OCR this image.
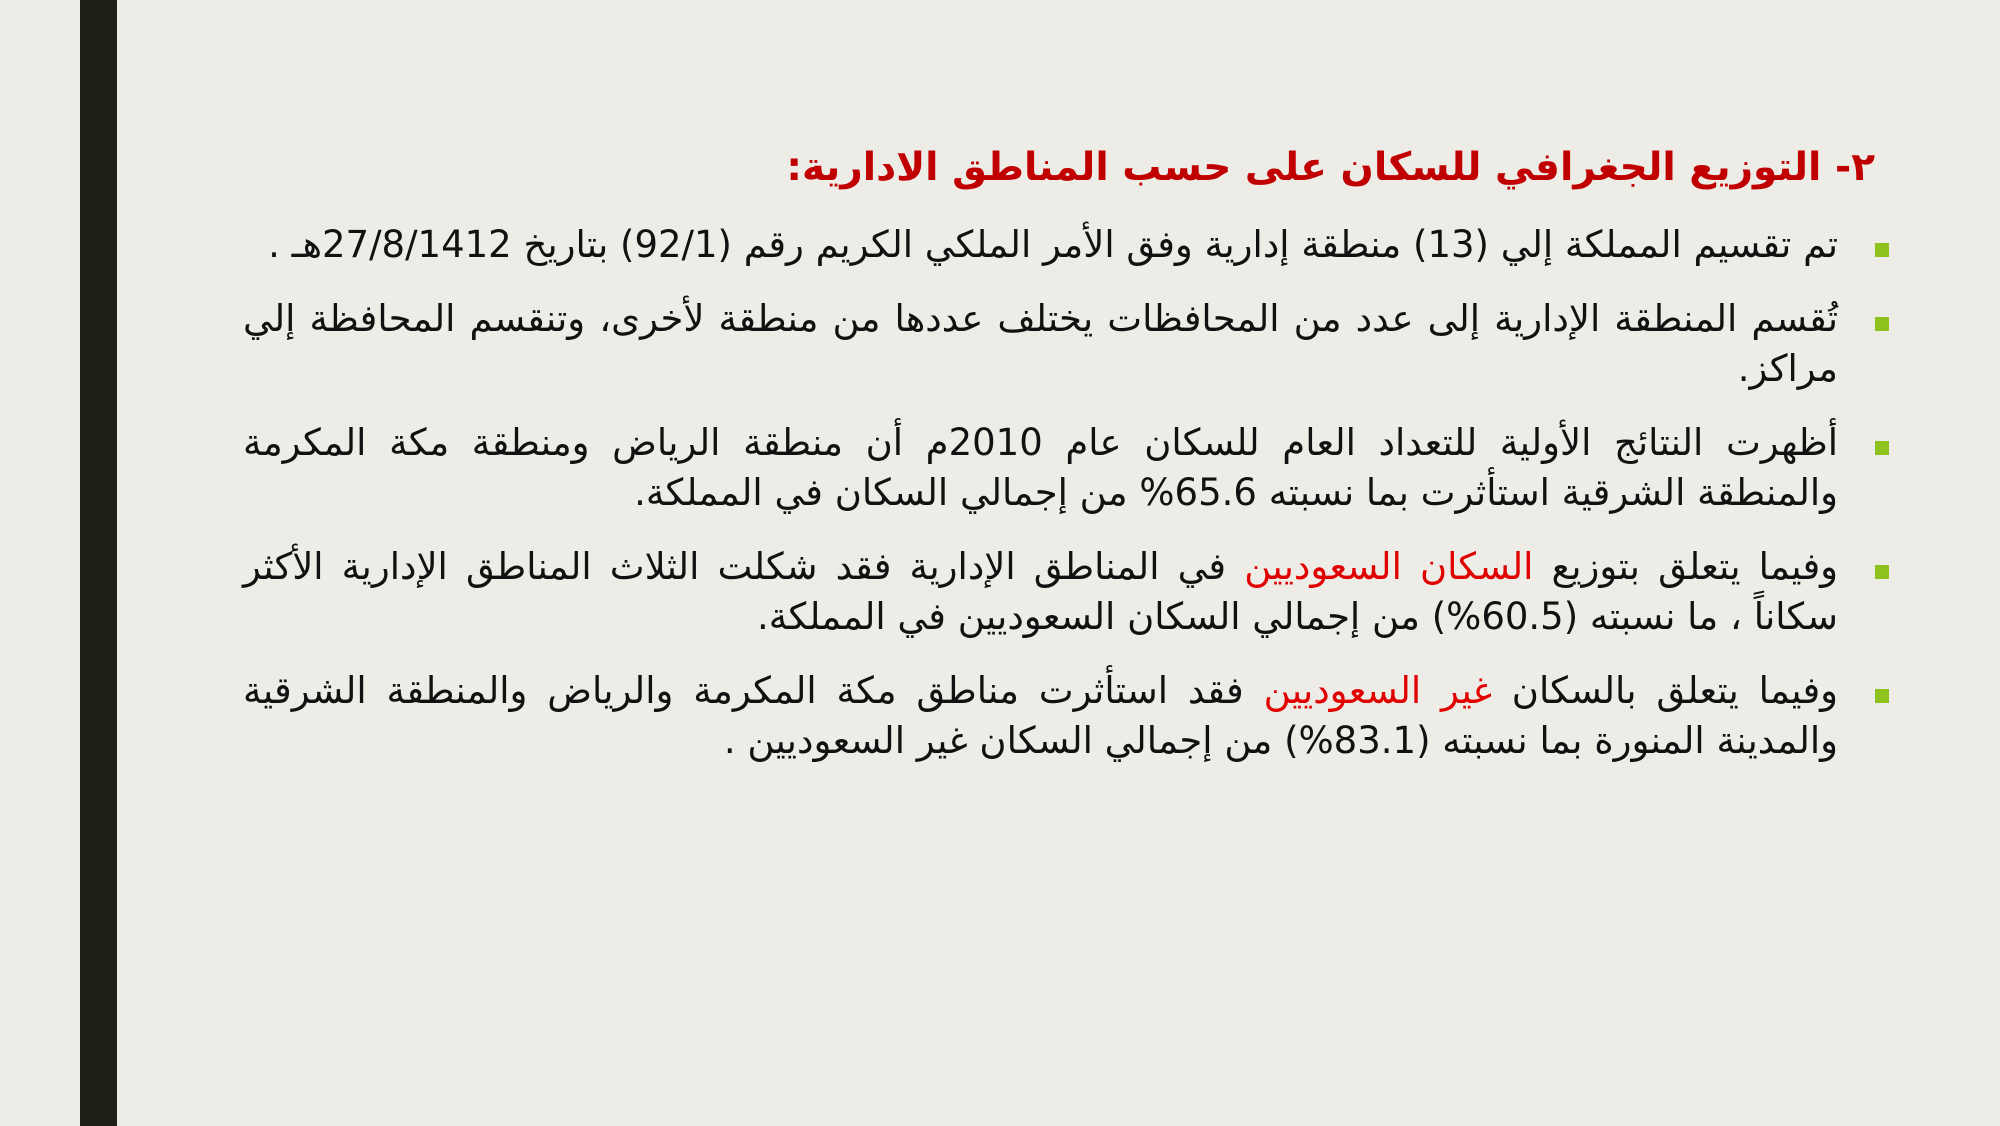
٢- التوزيع الجغرافي للسكان على حسب المناطق الادارية:
تم تقسيم المملكة إلي (13) منطقة إدارية وفق الأمر الملكي الكريم رقم (92/1) بتاريخ 27/8/1412هـ .
تُقسم المنطقة الإدارية إلى عدد من المحافظات يختلف عددها من منطقة لأخرى، وتنقسم المحافظة إلي مراكز.
أظهرت النتائج الأولية للتعداد العام للسكان عام 2010م أن منطقة الرياض ومنطقة مكة المكرمة والمنطقة الشرقية استأثرت بما نسبته 65.6% من إجمالي السكان في المملكة.
وفيما يتعلق بتوزيع السكان السعوديين في المناطق الإدارية فقد شكلت الثلاث المناطق الإدارية الأكثر سكاناً ، ما نسبته (60.5%) من إجمالي السكان السعوديين في المملكة.
وفيما يتعلق بالسكان غير السعوديين فقد استأثرت مناطق مكة المكرمة والرياض والمنطقة الشرقية والمدينة المنورة بما نسبته (83.1%) من إجمالي السكان غير السعوديين .
